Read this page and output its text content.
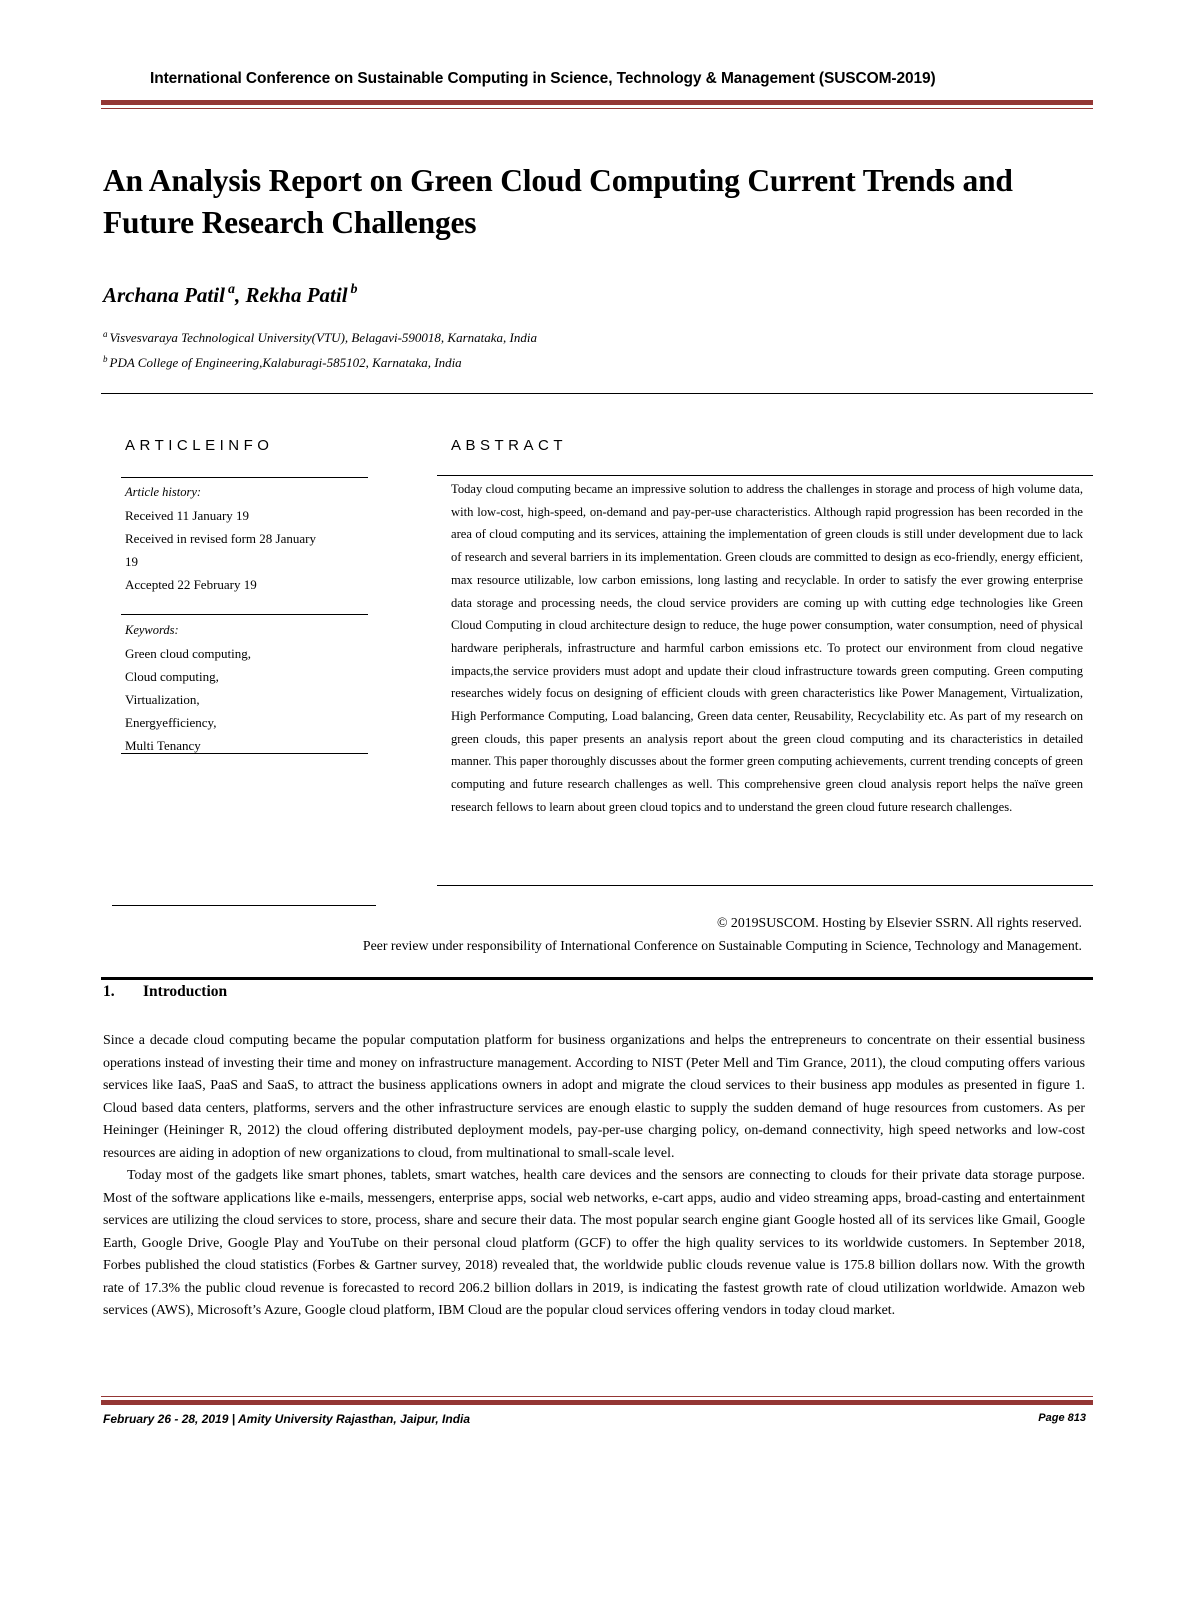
International Conference on Sustainable Computing in Science, Technology & Management (SUSCOM-2019)
An Analysis Report on Green Cloud Computing Current Trends and
Future Research Challenges
Archana Patil $^a$, Rekha Patil $^b$
$^a$ Visvesvaraya Technological University(VTU), Belagavi-590018, Karnataka, India
$^b$ PDA College of Engineering,Kalaburagi-585102, Karnataka, India
ARTICLEINFO
Article history:
Received 11 January 19
Received in revised form 28 January
19
Accepted 22 February 19
Keywords:
Green cloud computing,
Cloud computing,
Virtualization,
Energyefficiency,
Multi Tenancy
ABSTRACT
Today cloud computing became an impressive solution to address the challenges in storage and process of high volume data, with low-cost, high-speed, on-demand and pay-per-use characteristics. Although rapid progression has been recorded in the area of cloud computing and its services, attaining the implementation of green clouds is still under development due to lack of research and several barriers in its implementation. Green clouds are committed to design as eco-friendly, energy efficient, max resource utilizable, low carbon emissions, long lasting and recyclable. In order to satisfy the ever growing enterprise data storage and processing needs, the cloud service providers are coming up with cutting edge technologies like Green Cloud Computing in cloud architecture design to reduce, the huge power consumption, water consumption, need of physical hardware peripherals, infrastructure and harmful carbon emissions etc. To protect our environment from cloud negative impacts,the service providers must adopt and update their cloud infrastructure towards green computing. Green computing researches widely focus on designing of efficient clouds with green characteristics like Power Management, Virtualization, High Performance Computing, Load balancing, Green data center, Reusability, Recyclability etc. As part of my research on green clouds, this paper presents an analysis report about the green cloud computing and its characteristics in detailed manner. This paper thoroughly discusses about the former green computing achievements, current trending concepts of green computing and future research challenges as well. This comprehensive green cloud analysis report helps the naïve green research fellows to learn about green cloud topics and to understand the green cloud future research challenges.
© 2019SUSCOM. Hosting by Elsevier SSRN. All rights reserved.
Peer review under responsibility of International Conference on Sustainable Computing in Science, Technology and Management.
1. Introduction

Since a decade cloud computing became the popular computation platform for business organizations and helps the entrepreneurs to concentrate on their essential business operations instead of investing their time and money on infrastructure management. According to NIST (Peter Mell and Tim Grance, 2011), the cloud computing offers various services like IaaS, PaaS and SaaS, to attract the business applications owners in adopt and migrate the cloud services to their business app modules as presented in figure 1. Cloud based data centers, platforms, servers and the other infrastructure services are enough elastic to supply the sudden demand of huge resources from customers. As per Heininger (Heininger R, 2012) the cloud offering distributed deployment models, pay-per-use charging policy, on-demand connectivity, high speed networks and low-cost resources are aiding in adoption of new organizations to cloud, from multinational to small-scale level.

Today most of the gadgets like smart phones, tablets, smart watches, health care devices and the sensors are connecting to clouds for their private data storage purpose. Most of the software applications like e-mails, messengers, enterprise apps, social web networks, e-cart apps, audio and video streaming apps, broad-casting and entertainment services are utilizing the cloud services to store, process, share and secure their data. The most popular search engine giant Google hosted all of its services like Gmail, Google Earth, Google Drive, Google Play and YouTube on their personal cloud platform (GCF) to offer the high quality services to its worldwide customers. In September 2018, Forbes published the cloud statistics (Forbes & Gartner survey, 2018) revealed that, the worldwide public clouds revenue value is 175.8 billion dollars now. With the growth rate of 17.3% the public cloud revenue is forecasted to record 206.2 billion dollars in 2019, is indicating the fastest growth rate of cloud utilization worldwide. Amazon web services (AWS), Microsoft’s Azure, Google cloud platform, IBM Cloud are the popular cloud services offering vendors in today cloud market.

February 26 - 28, 2019 | Amity University Rajasthan, Jaipur, India	Page 813
